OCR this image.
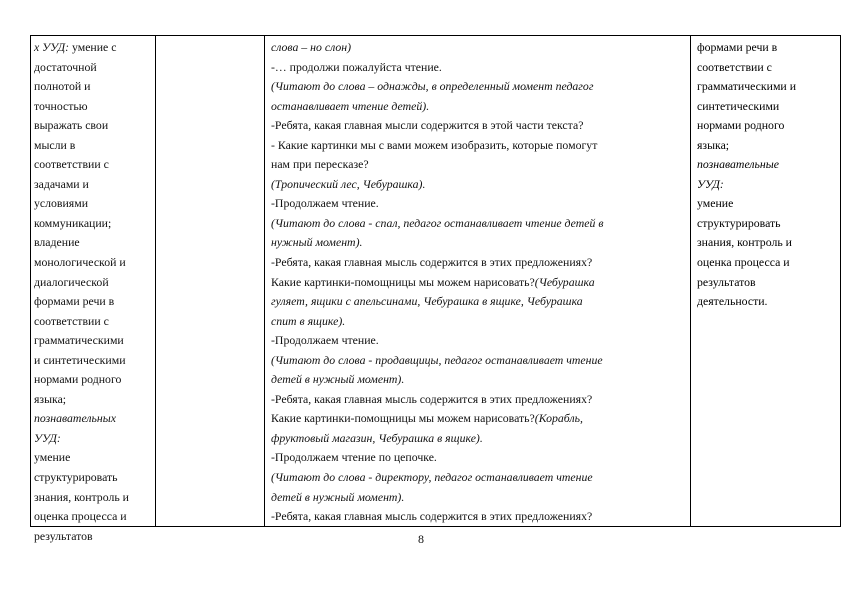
х УУД: умение с
достаточной
полнотой и
точностью
выражать свои
мысли в
соответствии с
задачами и
условиями
коммуникации;
владение
монологической и
диалогической
формами речи в
соответствии с
грамматическими
и синтетическими
нормами родного
языка;
познавательных
УУД:
умение
структурировать
знания, контроль и
оценка процесса и
результатов
слова – но слон)
-… продолжи пожалуйста чтение.
(Читают до слова – однажды, в определенный момент педагог
останавливает чтение детей).
-Ребята, какая главная мысли содержится в этой части текста?
- Какие картинки мы с вами можем изобразить, которые помогут
нам при пересказе?
(Тропический лес, Чебурашка).
-Продолжаем чтение.
(Читают до слова - спал, педагог останавливает чтение детей в
нужный момент).
-Ребята, какая главная мысль содержится в этих предложениях?
Какие картинки-помощницы мы можем нарисовать?(Чебурашка
гуляет, ящики с апельсинами, Чебурашка в ящике, Чебурашка
спит в ящике).
-Продолжаем чтение.
(Читают до слова - продавщицы, педагог останавливает чтение
детей в нужный момент).
-Ребята, какая главная мысль содержится в этих предложениях?
Какие картинки-помощницы мы можем нарисовать?(Корабль,
фруктовый магазин, Чебурашка в ящике).
-Продолжаем чтение по цепочке.
(Читают до слова - директору, педагог останавливает чтение
детей в нужный момент).
-Ребята, какая главная мысль содержится в этих предложениях?
формами речи в
соответствии с
грамматическими и
синтетическими
нормами родного
языка;
познавательные
УУД:
умение
структурировать
знания, контроль и
оценка процесса и
результатов
деятельности.
8
